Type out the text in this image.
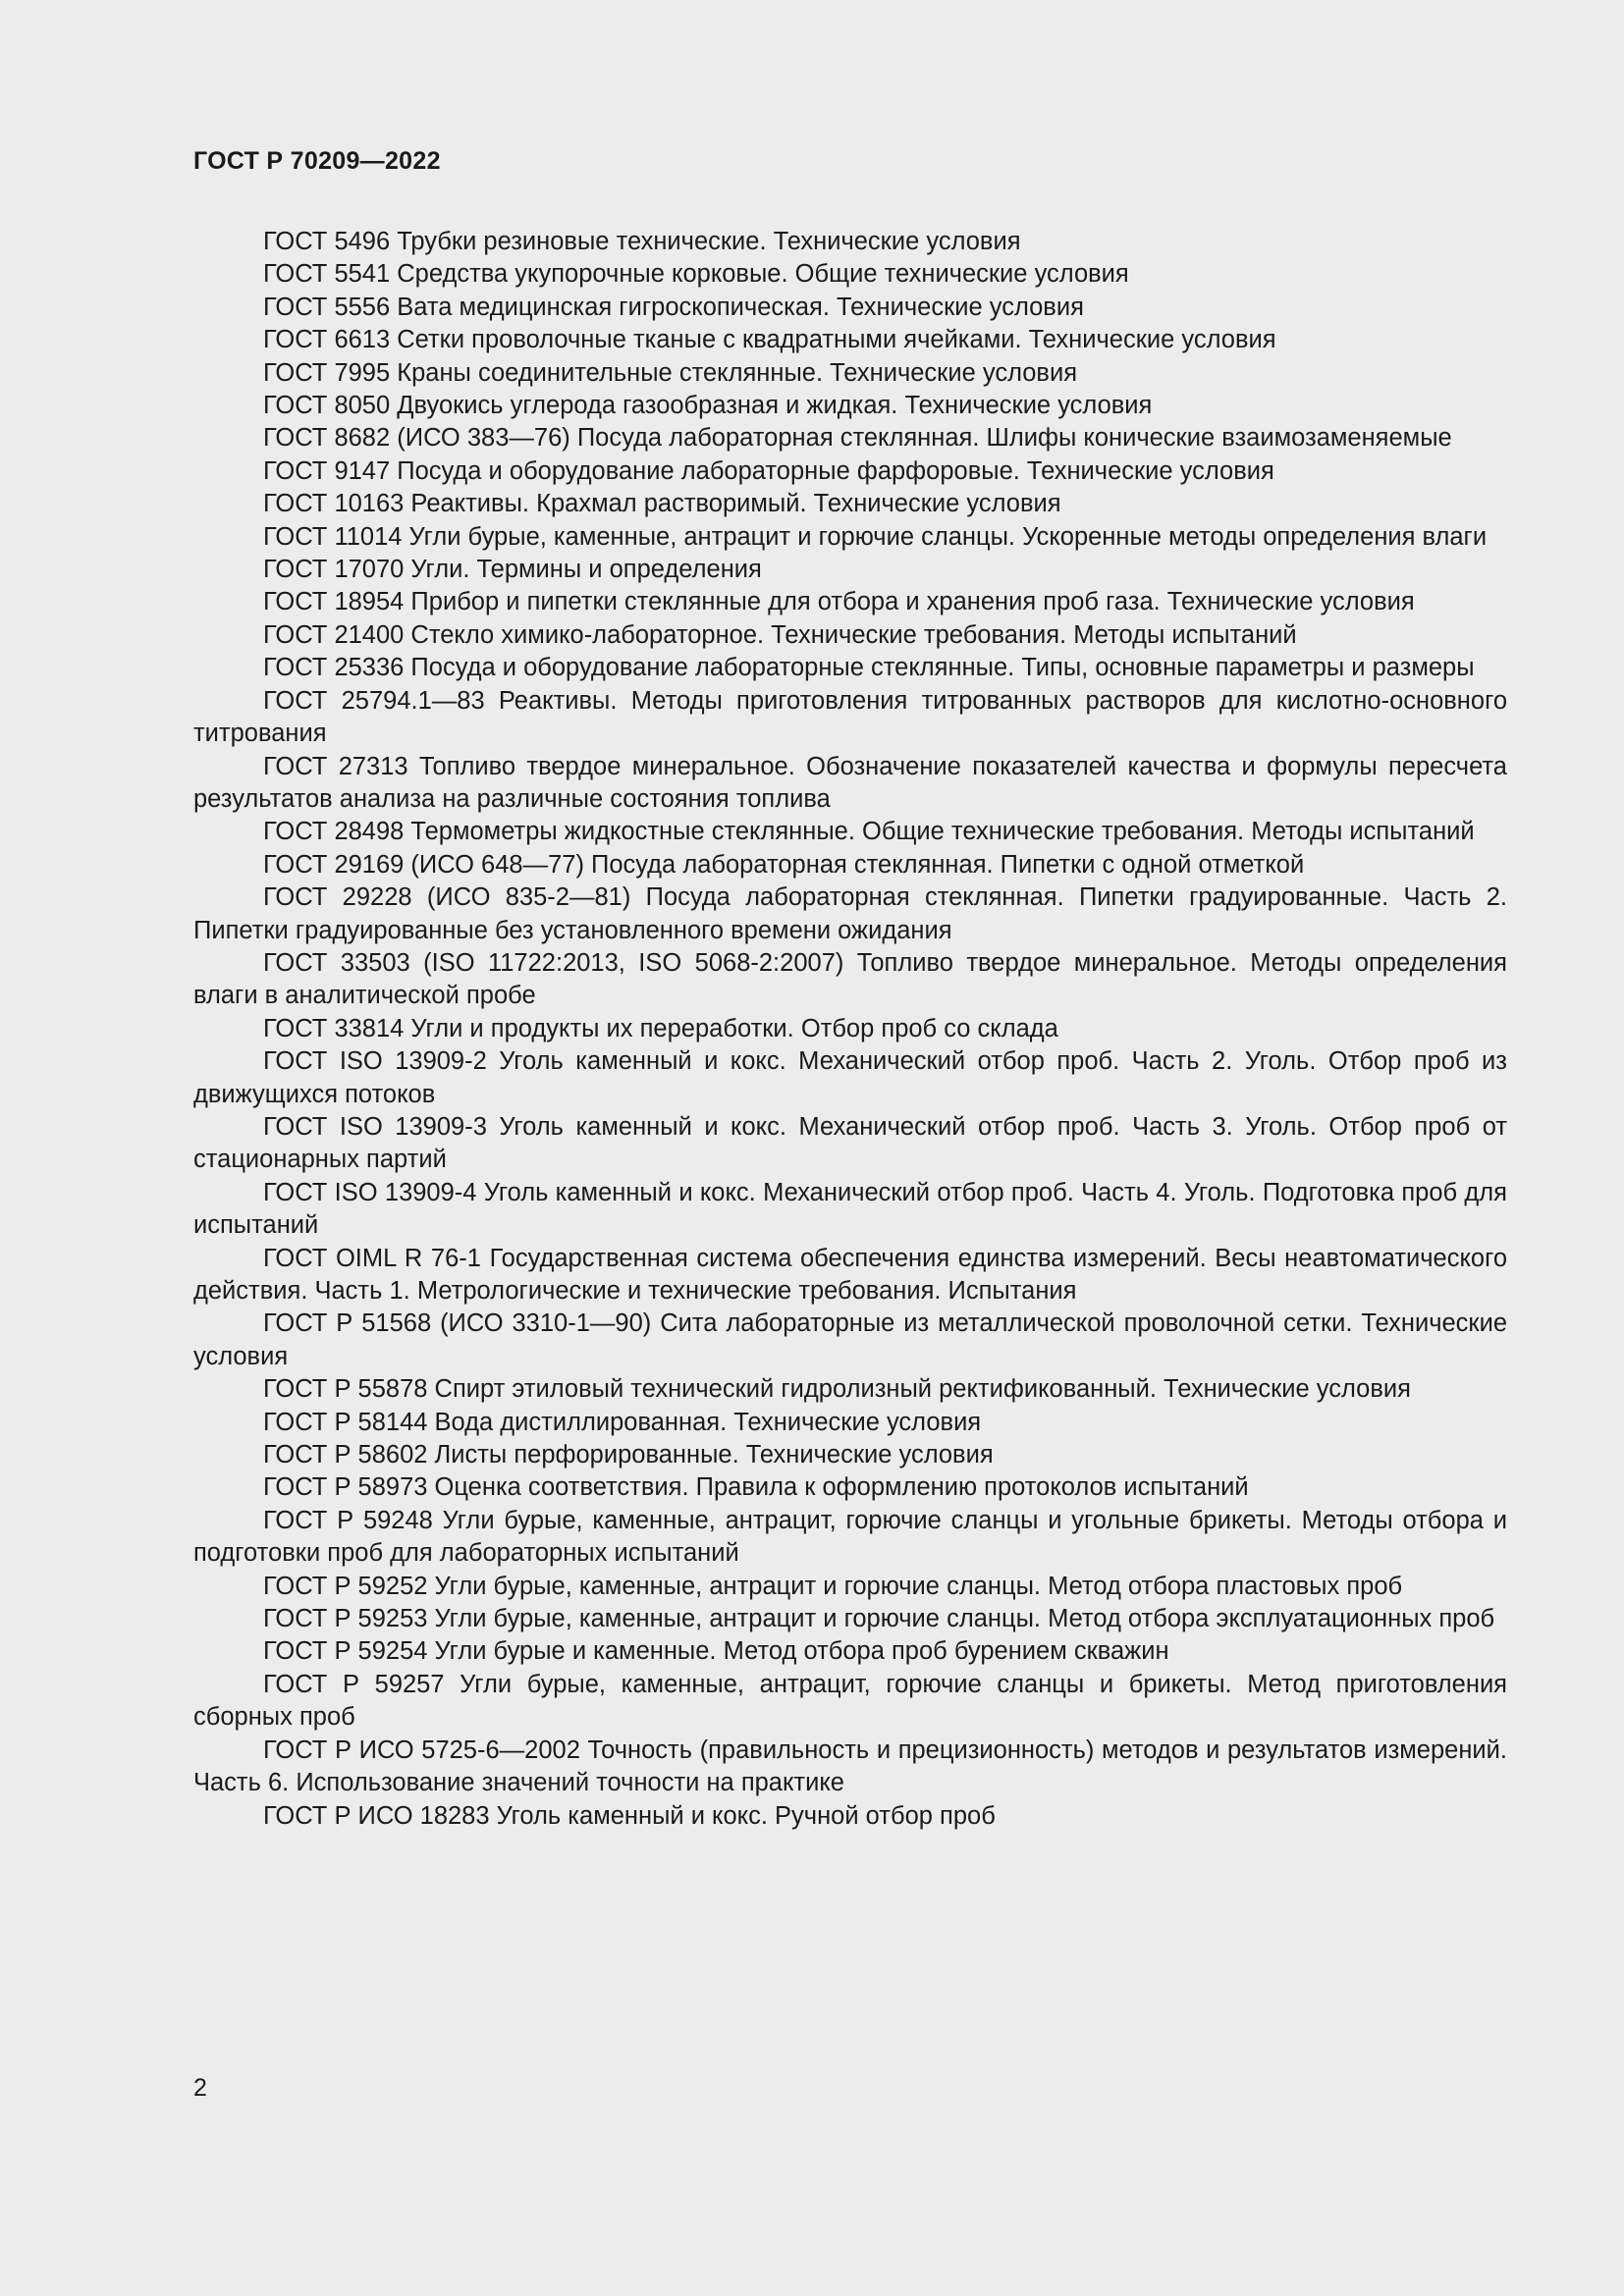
ГОСТ Р 70209—2022

ГОСТ 5496 Трубки резиновые технические. Технические условия

ГОСТ 5541 Средства укупорочные корковые. Общие технические условия

ГОСТ 5556 Вата медицинская гигроскопическая. Технические условия

ГОСТ 6613 Сетки проволочные тканые с квадратными ячейками. Технические условия

ГОСТ 7995 Краны соединительные стеклянные. Технические условия

ГОСТ 8050 Двуокись углерода газообразная и жидкая. Технические условия

ГОСТ 8682 (ИСО 383—76) Посуда лабораторная стеклянная. Шлифы конические взаимозаменяемые

ГОСТ 9147 Посуда и оборудование лабораторные фарфоровые. Технические условия

ГОСТ 10163 Реактивы. Крахмал растворимый. Технические условия

ГОСТ 11014 Угли бурые, каменные, антрацит и горючие сланцы. Ускоренные методы определения влаги

ГОСТ 17070 Угли. Термины и определения

ГОСТ 18954 Прибор и пипетки стеклянные для отбора и хранения проб газа. Технические условия

ГОСТ 21400 Стекло химико-лабораторное. Технические требования. Методы испытаний

ГОСТ 25336 Посуда и оборудование лабораторные стеклянные. Типы, основные параметры и размеры

ГОСТ 25794.1—83 Реактивы. Методы приготовления титрованных растворов для кислотно-основного титрования

ГОСТ 27313 Топливо твердое минеральное. Обозначение показателей качества и формулы пересчета результатов анализа на различные состояния топлива

ГОСТ 28498 Термометры жидкостные стеклянные. Общие технические требования. Методы испытаний

ГОСТ 29169 (ИСО 648—77) Посуда лабораторная стеклянная. Пипетки с одной отметкой

ГОСТ 29228 (ИСО 835-2—81) Посуда лабораторная стеклянная. Пипетки градуированные. Часть 2. Пипетки градуированные без установленного времени ожидания

ГОСТ 33503 (ISO 11722:2013, ISO 5068-2:2007) Топливо твердое минеральное. Методы определения влаги в аналитической пробе

ГОСТ 33814 Угли и продукты их переработки. Отбор проб со склада

ГОСТ ISO 13909-2 Уголь каменный и кокс. Механический отбор проб. Часть 2. Уголь. Отбор проб из движущихся потоков

ГОСТ ISO 13909-3 Уголь каменный и кокс. Механический отбор проб. Часть 3. Уголь. Отбор проб от стационарных партий

ГОСТ ISO 13909-4 Уголь каменный и кокс. Механический отбор проб. Часть 4. Уголь. Подготовка проб для испытаний

ГОСТ OIML R 76-1 Государственная система обеспечения единства измерений. Весы неавтоматического действия. Часть 1. Метрологические и технические требования. Испытания

ГОСТ Р 51568 (ИСО 3310-1—90) Сита лабораторные из металлической проволочной сетки. Технические условия

ГОСТ Р 55878 Спирт этиловый технический гидролизный ректификованный. Технические условия

ГОСТ Р 58144 Вода дистиллированная. Технические условия

ГОСТ Р 58602 Листы перфорированные. Технические условия

ГОСТ Р 58973 Оценка соответствия. Правила к оформлению протоколов испытаний

ГОСТ Р 59248 Угли бурые, каменные, антрацит, горючие сланцы и угольные брикеты. Методы отбора и подготовки проб для лабораторных испытаний

ГОСТ Р 59252 Угли бурые, каменные, антрацит и горючие сланцы. Метод отбора пластовых проб

ГОСТ Р 59253 Угли бурые, каменные, антрацит и горючие сланцы. Метод отбора эксплуатационных проб

ГОСТ Р 59254 Угли бурые и каменные. Метод отбора проб бурением скважин

ГОСТ Р 59257 Угли бурые, каменные, антрацит, горючие сланцы и брикеты. Метод приготовления сборных проб

ГОСТ Р ИСО 5725-6—2002 Точность (правильность и прецизионность) методов и результатов измерений. Часть 6. Использование значений точности на практике

ГОСТ Р ИСО 18283 Уголь каменный и кокс. Ручной отбор проб

2
